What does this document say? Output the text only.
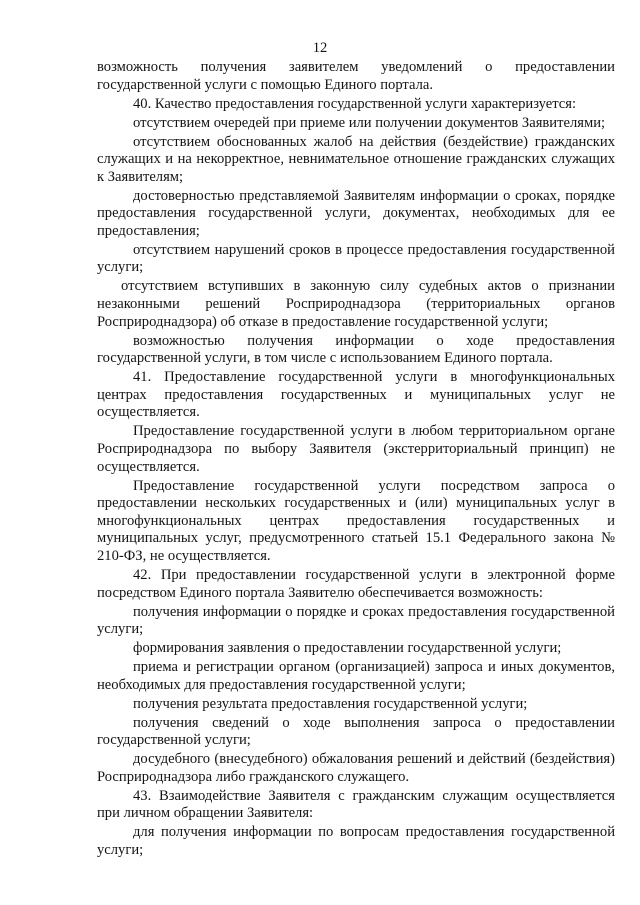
12

возможность получения заявителем уведомлений о предоставлении государственной услуги с помощью Единого портала.

40. Качество предоставления государственной услуги характеризуется:

отсутствием очередей при приеме или получении документов Заявителями;

отсутствием обоснованных жалоб на действия (бездействие) гражданских служащих и на некорректное, невнимательное отношение гражданских служащих к Заявителям;

достоверностью представляемой Заявителям информации о сроках, порядке предоставления государственной услуги, документах, необходимых для ее предоставления;

отсутствием нарушений сроков в процессе предоставления государственной услуги;

отсутствием вступивших в законную силу судебных актов о признании незаконными решений Росприроднадзора (территориальных органов Росприроднадзора) об отказе в предоставление государственной услуги;

возможностью получения информации о ходе предоставления государственной услуги, в том числе с использованием Единого портала.

41. Предоставление государственной услуги в многофункциональных центрах предоставления государственных и муниципальных услуг не осуществляется.

Предоставление государственной услуги в любом территориальном органе Росприроднадзора по выбору Заявителя (экстерриториальный принцип) не осуществляется.

Предоставление государственной услуги посредством запроса о предоставлении нескольких государственных и (или) муниципальных услуг в многофункциональных центрах предоставления государственных и муниципальных услуг, предусмотренного статьей 15.1 Федерального закона № 210-ФЗ, не осуществляется.

42. При предоставлении государственной услуги в электронной форме посредством Единого портала Заявителю обеспечивается возможность:

получения информации о порядке и сроках предоставления государственной услуги;

формирования заявления о предоставлении государственной услуги;

приема и регистрации органом (организацией) запроса и иных документов, необходимых для предоставления государственной услуги;

получения результата предоставления государственной услуги;

получения сведений о ходе выполнения запроса о предоставлении государственной услуги;

досудебного (внесудебного) обжалования решений и действий (бездействия) Росприроднадзора либо гражданского служащего.

43. Взаимодействие Заявителя с гражданским служащим осуществляется при личном обращении Заявителя:

для получения информации по вопросам предоставления государственной услуги;
